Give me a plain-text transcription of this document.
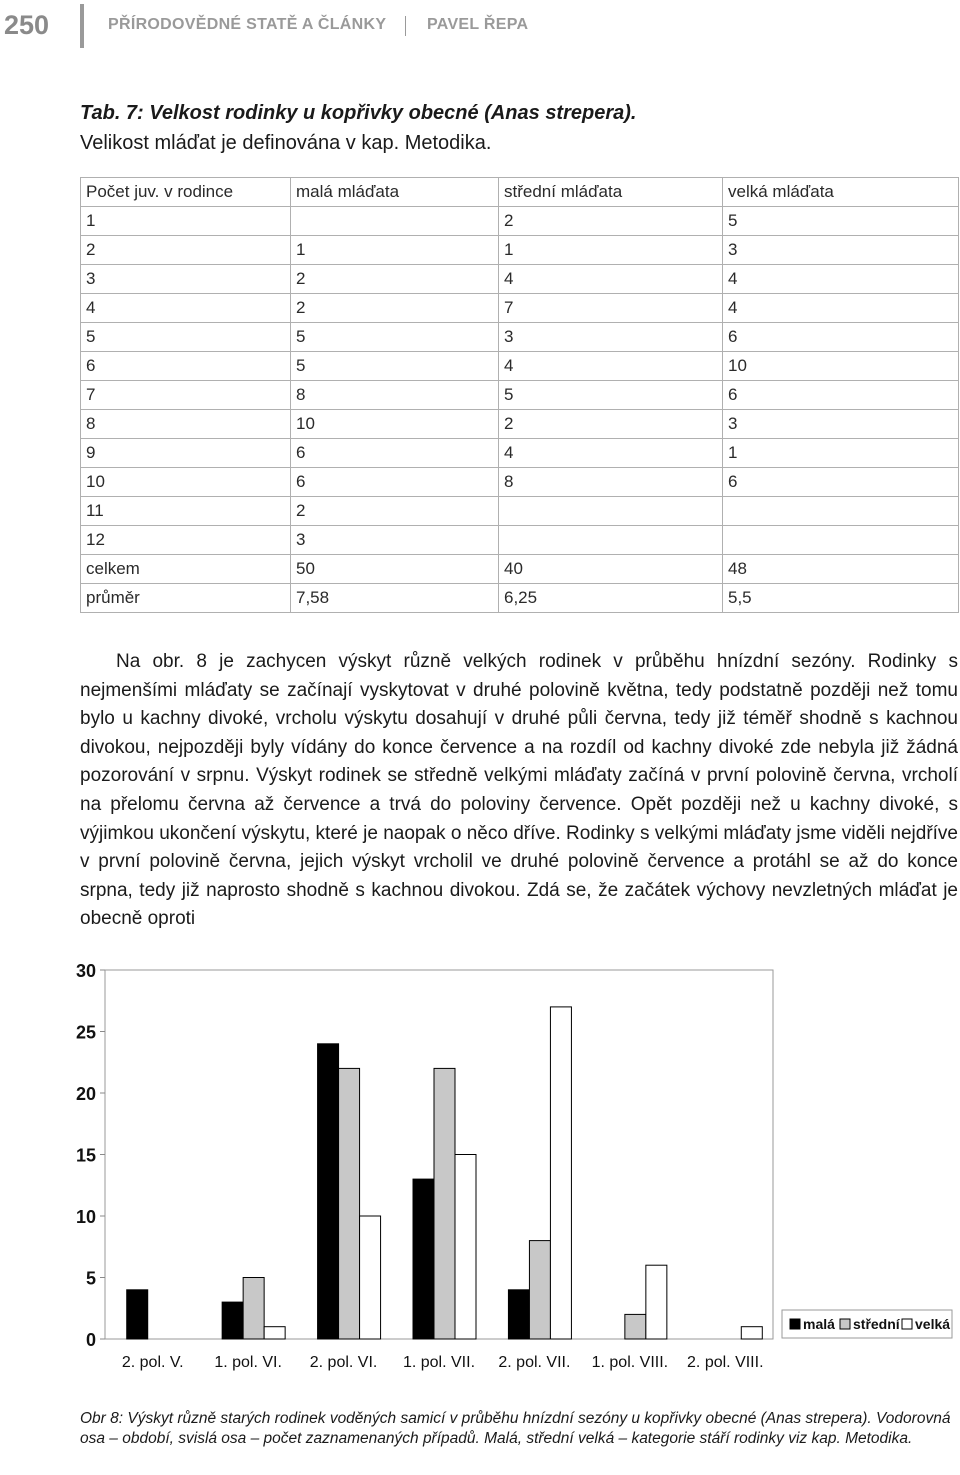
250	PŘÍRODOVĚDNÉ STATĚ A ČLÁNKY	PAVEL ŘEPA
Tab. 7: Velkost rodinky u kopřivky obecné (Anas strepera).
Velikost mláďat je definována v kap. Metodika.
Počet juv. v rodince	malá mláďata	střední mláďata	velká mláďata
1		2	5
2	1	1	3
3	2	4	4
4	2	7	4
5	5	3	6
6	5	4	10
7	8	5	6
8	10	2	3
9	6	4	1
10	6	8	6
11	2		
12	3		
celkem	50	40	48
průměr	7,58	6,25	5,5
Na obr. 8 je zachycen výskyt různě velkých rodinek v průběhu hnízdní sezóny. Rodinky s nejmenšími mláďaty se začínají vyskytovat v druhé polovině května, tedy podstatně později než tomu bylo u kachny divoké, vrcholu výskytu dosahují v druhé půli června, tedy již téměř shodně s kachnou divokou, nejpozději byly vídány do konce července a na rozdíl od kachny divoké zde nebyla již žádná pozorování v srpnu. Výskyt rodinek se středně velkými mláďaty začíná v první polovině června, vrcholí na přelomu června až července a trvá do poloviny července. Opět později než u kachny divoké, s výjimkou ukončení výskytu, které je naopak o něco dříve. Rodinky s velkými mláďaty jsme viděli nejdříve v první polovině června, jejich výskyt vrcholil ve druhé polovině července a protáhl se až do konce srpna, tedy již naprosto shodně s kachnou divokou. Zdá se, že začátek výchovy nevzletných mláďat je obecně oproti
0
5
10
15
20
25
30
2. pol. V. 1. pol. VI. 2. pol. VI. 1. pol. VII. 2. pol. VII. 1. pol. VIII. 2. pol. VIII.
malá střední velká
Obr 8: Výskyt různě starých rodinek voděných samicí v průběhu hnízdní sezóny u kopřivky obecné (Anas strepera). Vodorovná osa – období, svislá osa – počet zaznamenaných případů. Malá, střední velká – kategorie stáří rodinky viz kap. Metodika.
